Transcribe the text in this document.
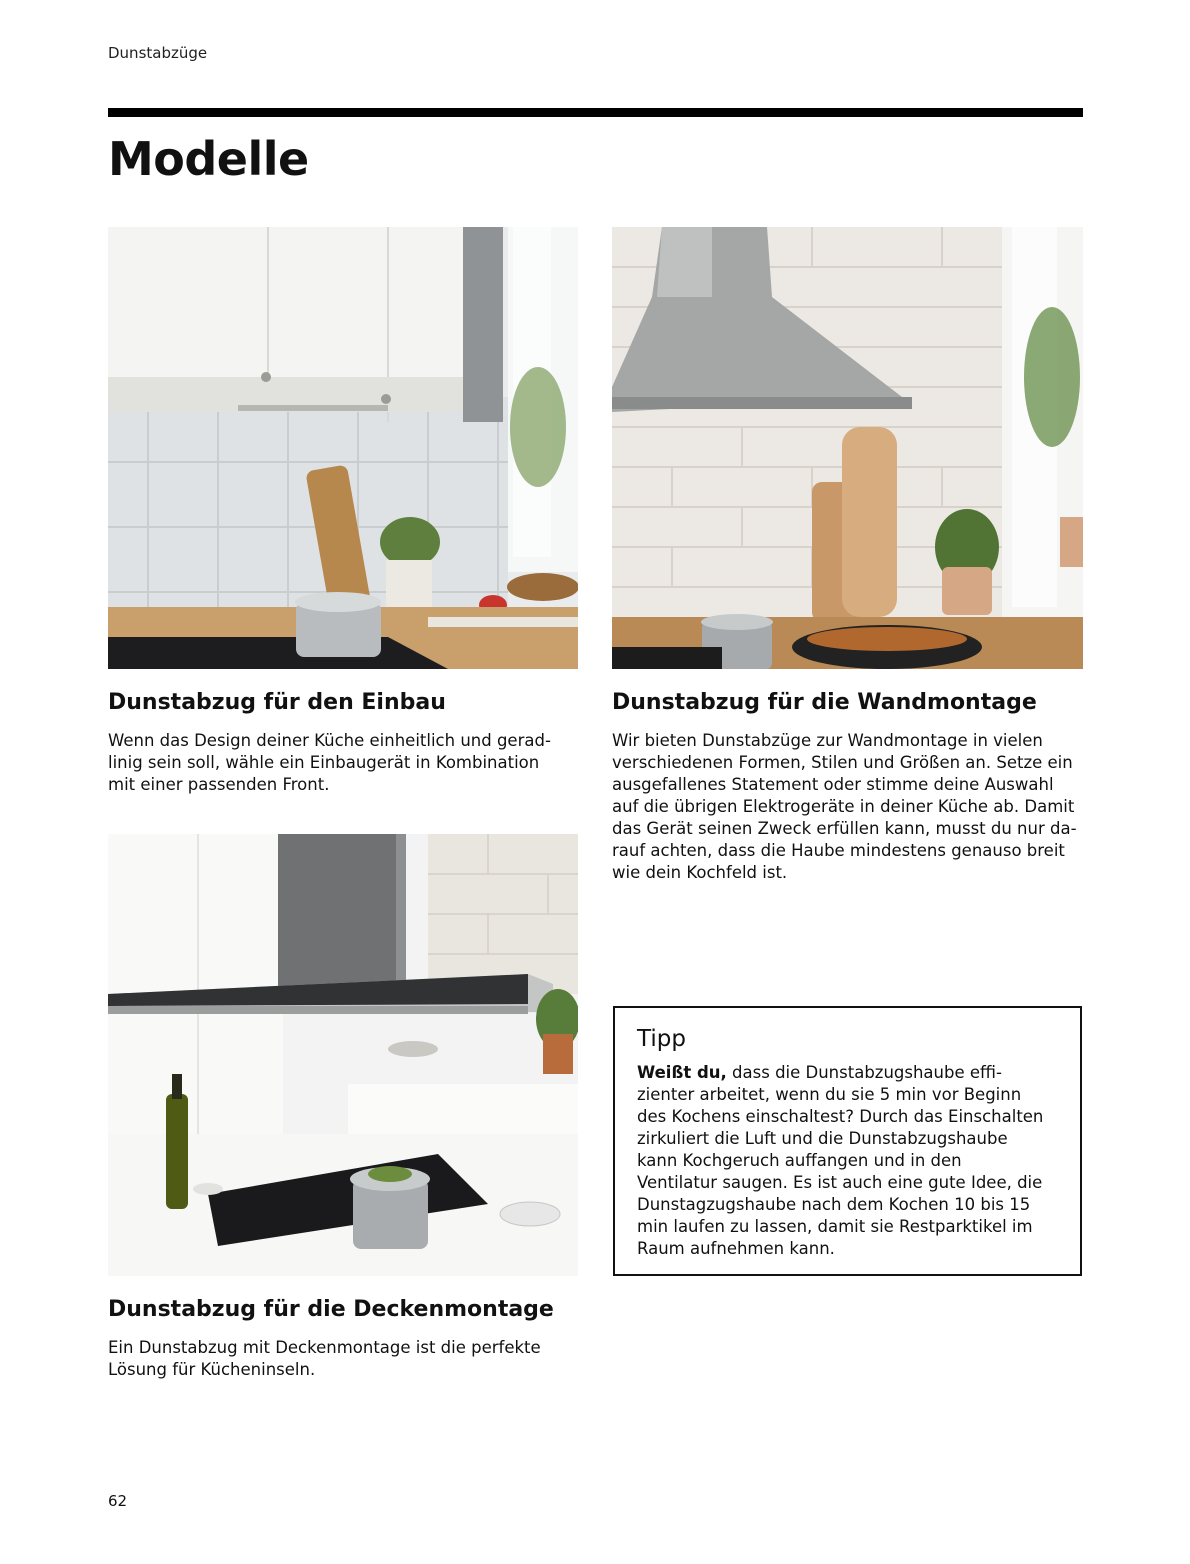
Dunstabzüge
Modelle
Dunstabzug für den Einbau
Wenn das Design deiner Küche einheitlich und gerad-
linig sein soll, wähle ein Einbaugerät in Kombination
mit einer passenden Front.
Dunstabzug für die Wandmontage
Wir bieten Dunstabzüge zur Wandmontage in vielen
verschiedenen Formen, Stilen und Größen an. Setze ein
ausgefallenes Statement oder stimme deine Auswahl
auf die übrigen Elektrogeräte in deiner Küche ab. Damit
das Gerät seinen Zweck erfüllen kann, musst du nur da-
rauf achten, dass die Haube mindestens genauso breit
wie dein Kochfeld ist.
Dunstabzug für die Deckenmontage
Ein Dunstabzug mit Deckenmontage ist die perfekte
Lösung für Kücheninseln.
Tipp
Weißt du, dass die Dunstabzugshaube effi-
zienter arbeitet, wenn du sie 5 min vor Beginn
des Kochens einschaltest? Durch das Einschalten
zirkuliert die Luft und die Dunstabzugshaube
kann Kochgeruch auffangen und in den
Ventilatur saugen. Es ist auch eine gute Idee, die
Dunstagzugshaube nach dem Kochen 10 bis 15
min laufen zu lassen, damit sie Restparktikel im
Raum aufnehmen kann.
62
